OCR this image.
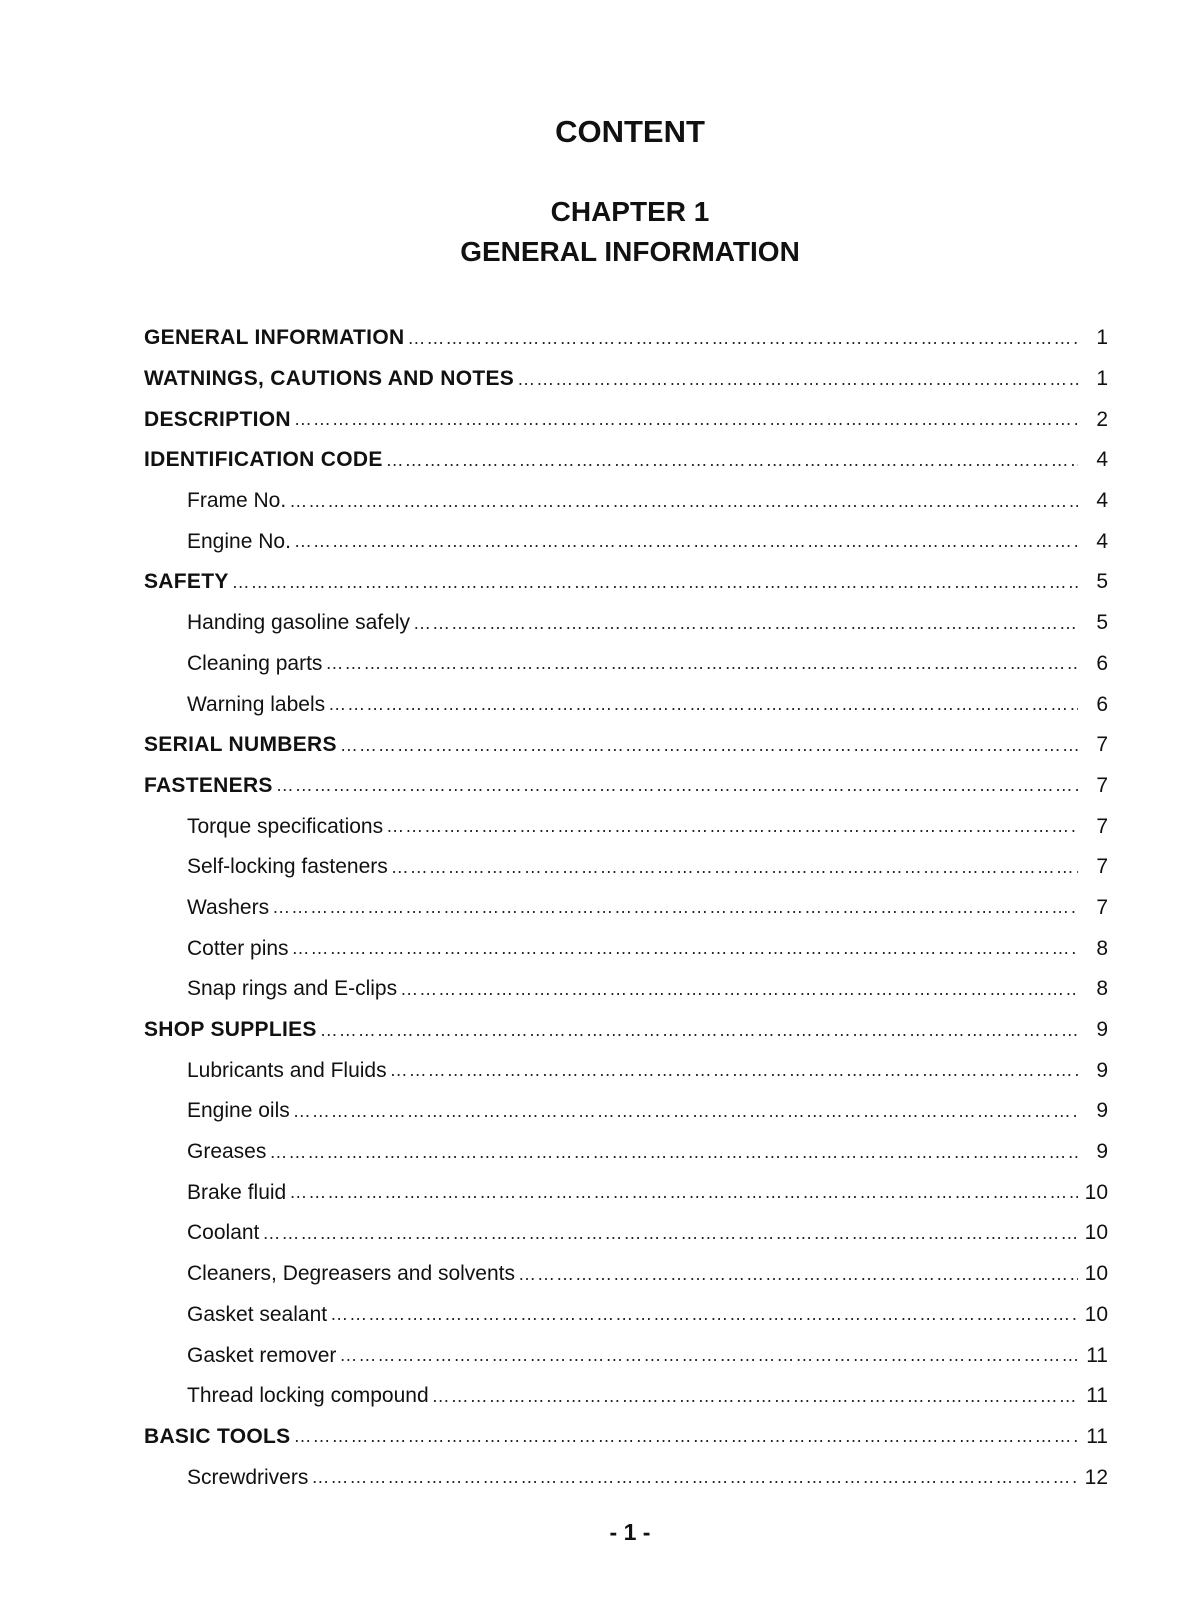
CONTENT
CHAPTER 1
GENERAL INFORMATION
GENERAL INFORMATION …………………………………………………………………………………………………………………………………………………………………………………………………………………………	1
WATNINGS, CAUTIONS AND NOTES …………………………………………………………………………………………………………………………………………………………………………………………………………………………	1
DESCRIPTION …………………………………………………………………………………………………………………………………………………………………………………………………………………………	2
IDENTIFICATION CODE …………………………………………………………………………………………………………………………………………………………………………………………………………………………	4
Frame No. …………………………………………………………………………………………………………………………………………………………………………………………………………………………	4
Engine No. …………………………………………………………………………………………………………………………………………………………………………………………………………………………	4
SAFETY …………………………………………………………………………………………………………………………………………………………………………………………………………………………	5
Handing gasoline safely …………………………………………………………………………………………………………………………………………………………………………………………………………………………	5
Cleaning parts …………………………………………………………………………………………………………………………………………………………………………………………………………………………	6
Warning labels …………………………………………………………………………………………………………………………………………………………………………………………………………………………	6
SERIAL NUMBERS …………………………………………………………………………………………………………………………………………………………………………………………………………………………	7
FASTENERS …………………………………………………………………………………………………………………………………………………………………………………………………………………………	7
Torque specifications …………………………………………………………………………………………………………………………………………………………………………………………………………………………	7
Self-locking fasteners …………………………………………………………………………………………………………………………………………………………………………………………………………………………	7
Washers …………………………………………………………………………………………………………………………………………………………………………………………………………………………	7
Cotter pins …………………………………………………………………………………………………………………………………………………………………………………………………………………………	8
Snap rings and E-clips …………………………………………………………………………………………………………………………………………………………………………………………………………………………	8
SHOP SUPPLIES …………………………………………………………………………………………………………………………………………………………………………………………………………………………	9
Lubricants and Fluids …………………………………………………………………………………………………………………………………………………………………………………………………………………………	9
Engine oils …………………………………………………………………………………………………………………………………………………………………………………………………………………………	9
Greases …………………………………………………………………………………………………………………………………………………………………………………………………………………………	9
Brake fluid …………………………………………………………………………………………………………………………………………………………………………………………………………………………	10
Coolant …………………………………………………………………………………………………………………………………………………………………………………………………………………………	10
Cleaners, Degreasers and solvents …………………………………………………………………………………………………………………………………………………………………………………………………………………………	10
Gasket sealant …………………………………………………………………………………………………………………………………………………………………………………………………………………………	10
Gasket remover …………………………………………………………………………………………………………………………………………………………………………………………………………………………	11
Thread locking compound …………………………………………………………………………………………………………………………………………………………………………………………………………………………	11
BASIC TOOLS …………………………………………………………………………………………………………………………………………………………………………………………………………………………	11
Screwdrivers …………………………………………………………………………………………………………………………………………………………………………………………………………………………	12
- 1 -
